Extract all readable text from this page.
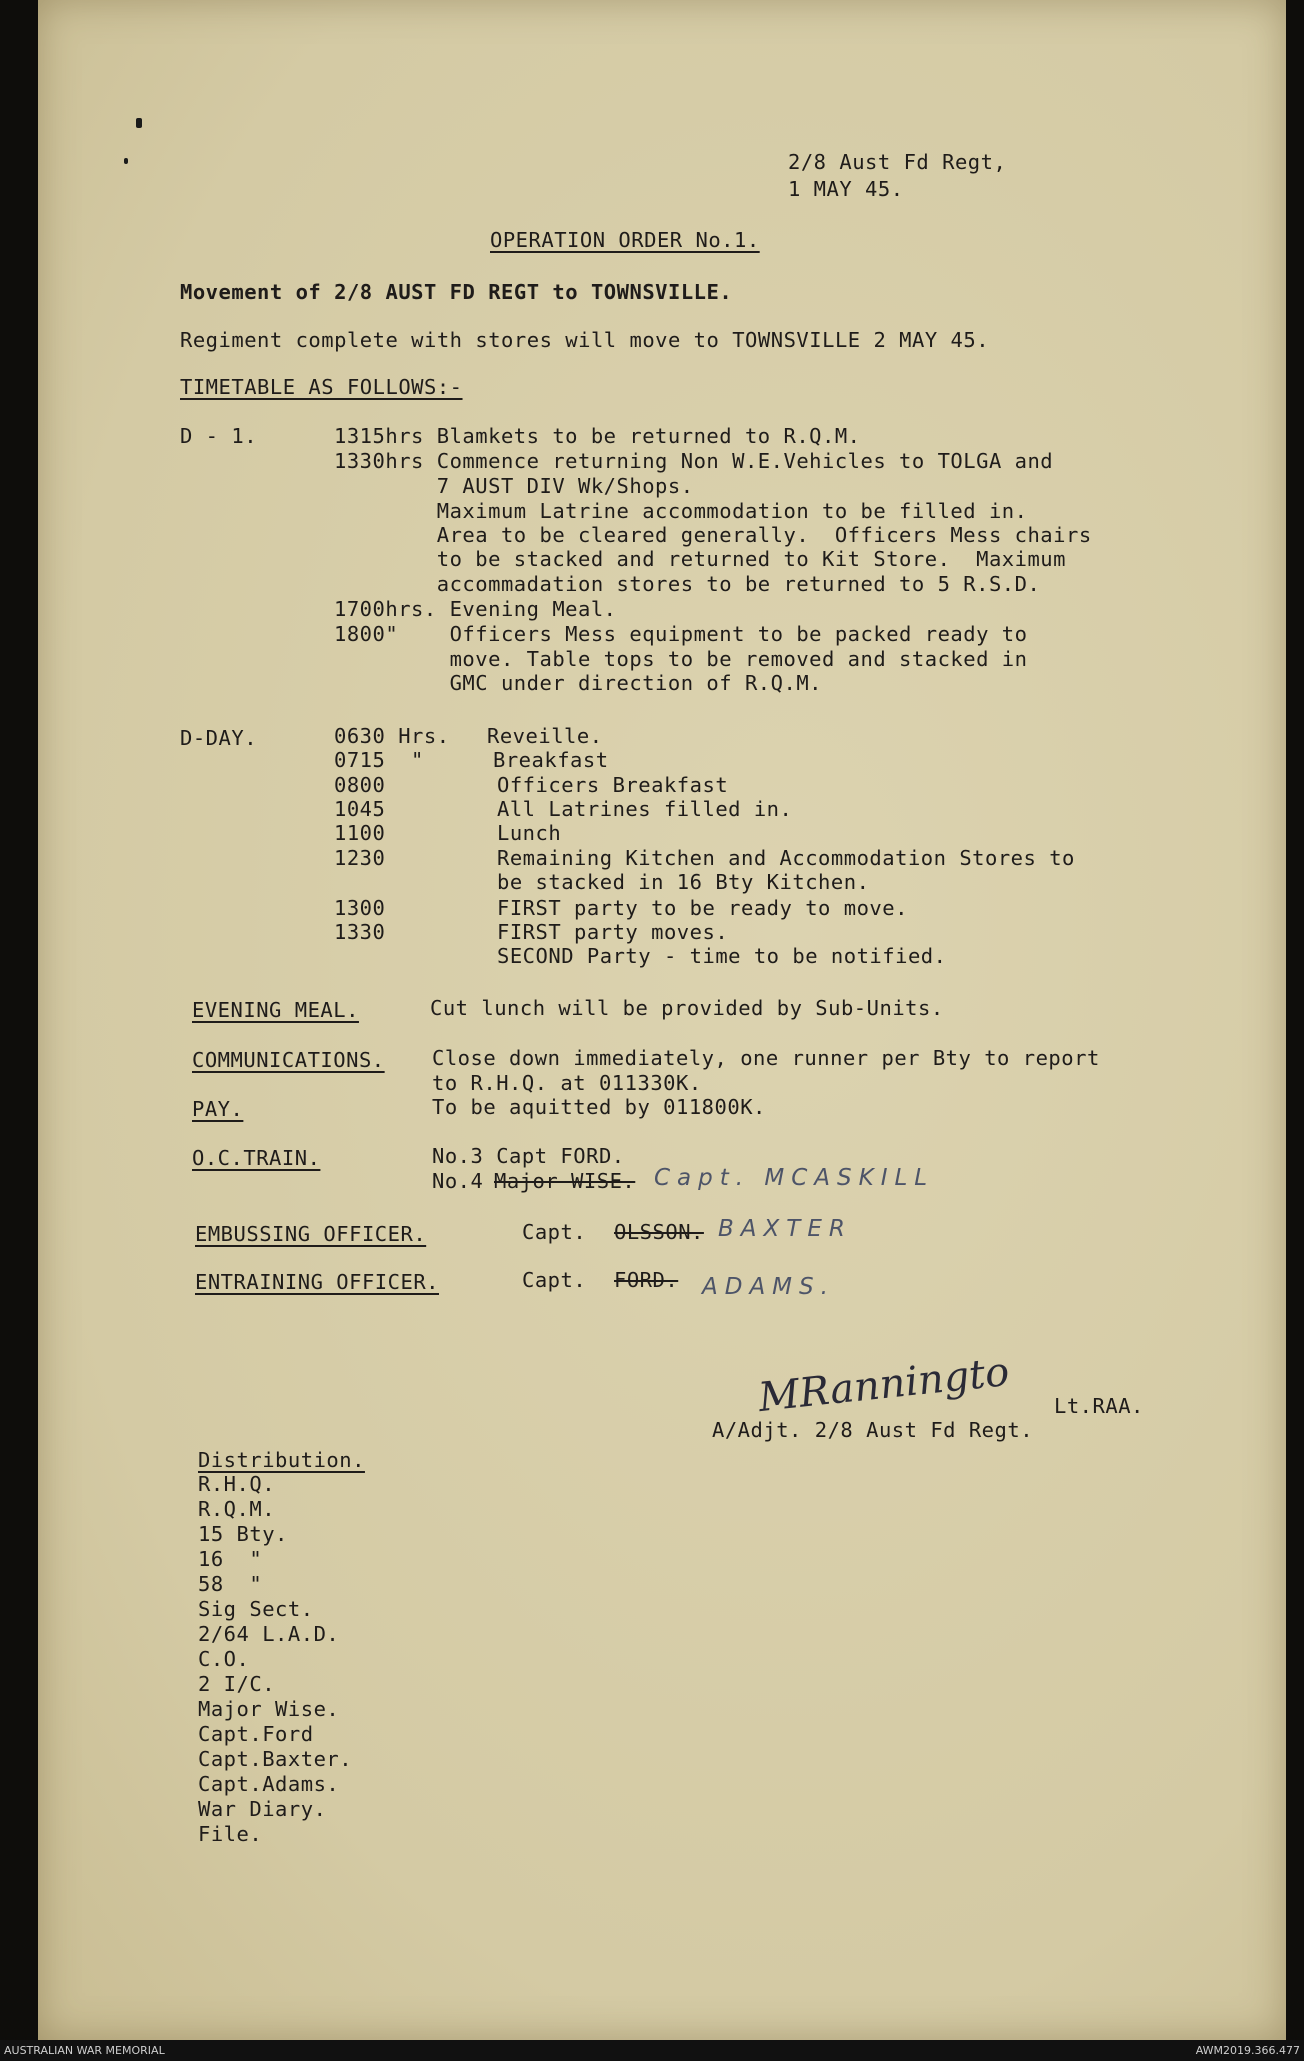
2/8 Aust Fd Regt,
1 MAY 45.
OPERATION ORDER No.1.
Movement of 2/8 AUST FD REGT to TOWNSVILLE.
Regiment complete with stores will move to TOWNSVILLE 2 MAY 45.
TIMETABLE AS FOLLOWS:-
D - 1.	1315hrs Blamkets to be returned to R.Q.M.
1330hrs Commence returning Non W.E.Vehicles to TOLGA and
7 AUST DIV Wk/Shops.
Maximum Latrine accommodation to be filled in.
Area to be cleared generally.  Officers Mess chairs
to be stacked and returned to Kit Store.  Maximum
accommadation stores to be returned to 5 R.S.D.
1700hrs. Evening Meal.
1800"    Officers Mess equipment to be packed ready to
move. Table tops to be removed and stacked in
GMC under direction of R.Q.M.
D-DAY.	0630 Hrs. Reveille.
0715  "	Breakfast
0800	Officers Breakfast
1045	All Latrines filled in.
1100	Lunch
1230	Remaining Kitchen and Accommodation Stores to
be stacked in 16 Bty Kitchen.
1300	FIRST party to be ready to move.
1330	FIRST party moves.
SECOND Party - time to be notified.
EVENING MEAL.	Cut lunch will be provided by Sub-Units.
COMMUNICATIONS. Close down immediately, one runner per Bty to report
to R.H.Q. at 011330K.
PAY.	To be aquitted by 011800K.
O.C.TRAIN.	No.3 Capt FORD.
No.4 Major WISE. Capt. MCASKILL
EMBUSSING OFFICER.	Capt. OLSSON. BAXTER
ENTRAINING OFFICER.	Capt. FORD. ADAMS.
MRanningto Lt.RAA.
A/Adjt. 2/8 Aust Fd Regt.
Distribution.
R.H.Q.
R.Q.M.
15 Bty.
16  "
58  "
Sig Sect.
2/64 L.A.D.
C.O.
2 I/C.
Major Wise.
Capt.Ford
Capt.Baxter.
Capt.Adams.
War Diary.
File.
AUSTRALIAN WAR MEMORIAL	AWM2019.366.477
